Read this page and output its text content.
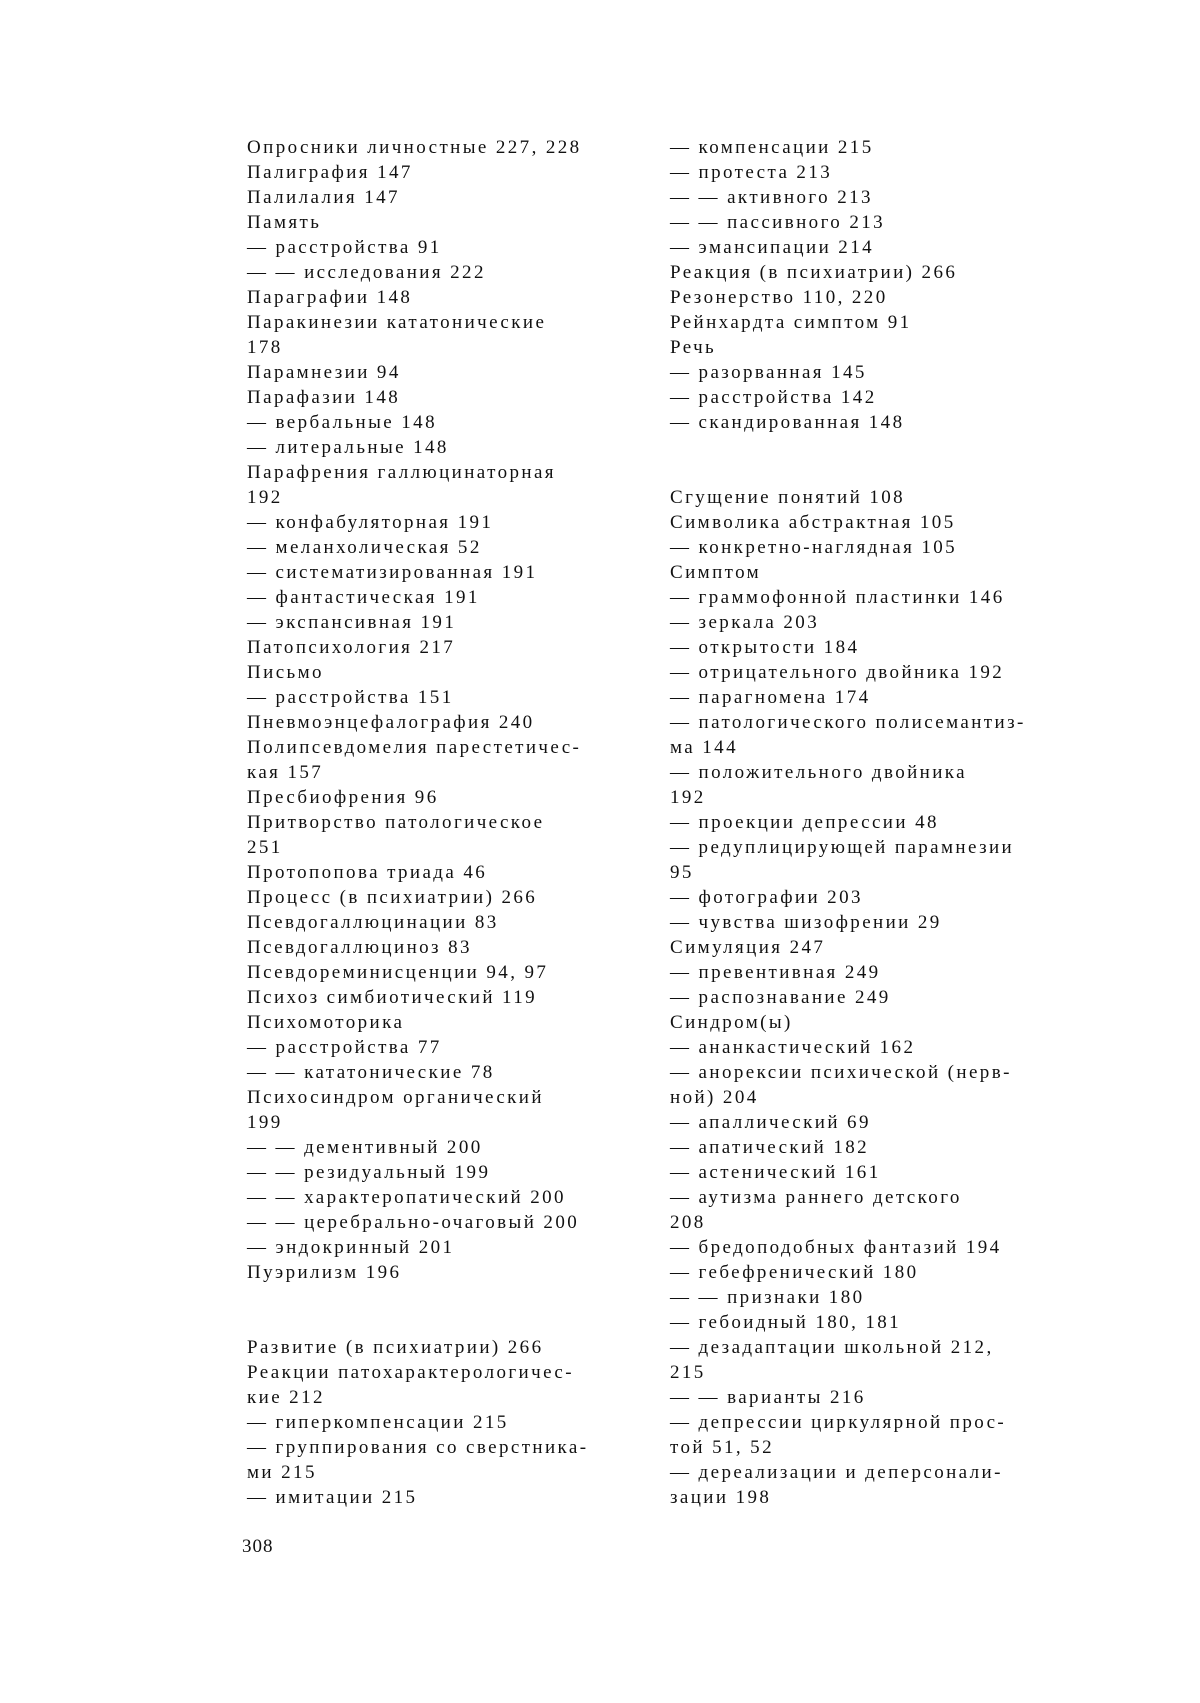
Опросники личностные 227, 228
Палиграфия 147
Палилалия 147
Память
— расстройства 91
— — исследования 222
Параграфии 148
Паракинезии кататонические
178
Парамнезии 94
Парафазии 148
— вербальные 148
— литеральные 148
Парафрения галлюцинаторная
192
— конфабуляторная 191
— меланхолическая 52
— систематизированная 191
— фантастическая 191
— экспансивная 191
Патопсихология 217
Письмо
— расстройства 151
Пневмоэнцефалография 240
Полипсевдомелия парестетичес-
кая 157
Пресбиофрения 96
Притворство патологическое
251
Протопопова триада 46
Процесс (в психиатрии) 266
Псевдогаллюцинации 83
Псевдогаллюциноз 83
Псевдореминисценции 94, 97
Психоз симбиотический 119
Психомоторика
— расстройства 77
— — кататонические 78
Психосиндром органический
199
— — дементивный 200
— — резидуальный 199
— — характеропатический 200
— — церебрально-очаговый 200
— эндокринный 201
Пуэрилизм 196
Развитие (в психиатрии) 266
Реакции патохарактерологичес-
кие 212
— гиперкомпенсации 215
— группирования со сверстника-
ми 215
— имитации 215
— компенсации 215
— протеста 213
— — активного 213
— — пассивного 213
— эмансипации 214
Реакция (в психиатрии) 266
Резонерство 110, 220
Рейнхардта симптом 91
Речь
— разорванная 145
— расстройства 142
— скандированная 148
Сгущение понятий 108
Символика абстрактная 105
— конкретно-наглядная 105
Симптом
— граммофонной пластинки 146
— зеркала 203
— открытости 184
— отрицательного двойника 192
— парагномена 174
— патологического полисемантиз-
ма 144
— положительного двойника
192
— проекции депрессии 48
— редуплицирующей парамнезии
95
— фотографии 203
— чувства шизофрении 29
Симуляция 247
— превентивная 249
— распознавание 249
Синдром(ы)
— ананкастический 162
— анорексии психической (нерв-
ной) 204
— апаллический 69
— апатический 182
— астенический 161
— аутизма раннего детского
208
— бредоподобных фантазий 194
— гебефренический 180
— — признаки 180
— гебоидный 180, 181
— дезадаптации школьной 212,
215
— — варианты 216
— депрессии циркулярной прос-
той 51, 52
— дереализации и деперсонали-
зации 198
308
